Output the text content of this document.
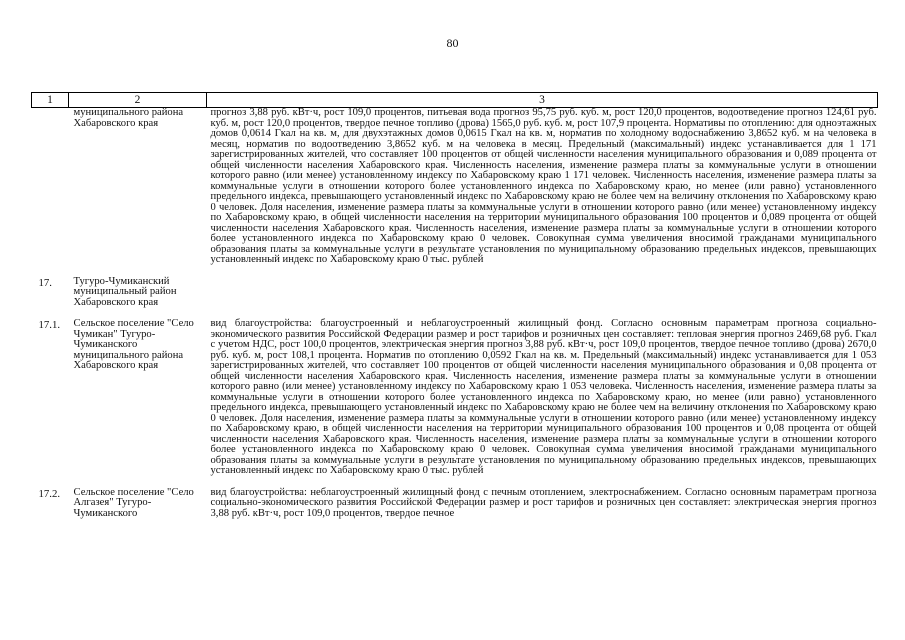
80
1	2	3
	муниципального района Хабаровского края	прогноз 3,88 руб. кВт·ч, рост 109,0 процентов, питьевая вода прогноз 95,75 руб. куб. м, рост 120,0 процентов, водоотведение прогноз 124,61 руб. куб. м, рост 120,0 процентов, твердое печное топливо (дрова) 1565,0 руб. куб. м, рост 107,9 процента. Нормативы по отоплению: для одноэтажных домов 0,0614 Гкал на кв. м, для двухэтажных домов 0,0615 Гкал на кв. м, норматив по холодному водоснабжению 3,8652 куб. м на человека в месяц, норматив по водоотведению 3,8652 куб. м на человека в месяц. Предельный (максимальный) индекс устанавливается для 1 171 зарегистрированных жителей, что составляет 100 процентов от общей численности населения муниципального образования и 0,089 процента от общей численности населения Хабаровского края. Численность населения, изменение размера платы за коммунальные услуги в отношении которого равно (или менее) установленному индексу по Хабаровскому краю 1 171 человек. Численность населения, изменение размера платы за коммунальные услуги в отношении которого более установленного индекса по Хабаровскому краю, но менее (или равно) установленного предельного индекса, превышающего установленный индекс по Хабаровскому краю не более чем на величину отклонения по Хабаровскому краю 0 человек. Доля населения, изменение размера платы за коммунальные услуги в отношении которого равно (или менее) установленному индексу по Хабаровскому краю, в общей численности населения на территории муниципального образования 100 процентов и 0,089 процента от общей численности населения Хабаровского края. Численность населения, изменение размера платы за коммунальные услуги в отношении которого более установленного индекса по Хабаровскому краю 0 человек. Совокупная сумма увеличения вносимой гражданами муниципального образования платы за коммунальные услуги в результате установления по муниципальному образованию предельных индексов, превышающих установленный индекс по Хабаровскому краю 0 тыс. рублей

17.	Тугуро-Чумиканский муниципальный район Хабаровского края	

17.1.	Сельское поселение "Село Чумикан" Тугуро-Чумиканского муниципального района Хабаровского края	вид благоустройства: благоустроенный и неблагоустроенный жилищный фонд. Согласно основным параметрам прогноза социально-экономического развития Российской Федерации размер и рост тарифов и розничных цен составляет: тепловая энергия прогноз 2469,68 руб. Гкал с учетом НДС, рост 100,0 процентов, электрическая энергия прогноз 3,88 руб. кВт·ч, рост 109,0 процентов, твердое печное топливо (дрова) 2670,0 руб. куб. м, рост 108,1 процента. Норматив по отоплению 0,0592 Гкал на кв. м. Предельный (максимальный) индекс устанавливается для 1 053 зарегистрированных жителей, что составляет 100 процентов от общей численности населения муниципального образования и 0,08 процента от общей численности населения Хабаровского края. Численность населения, изменение размера платы за коммунальные услуги в отношении которого равно (или менее) установленному индексу по Хабаровскому краю 1 053 человека. Численность населения, изменение размера платы за коммунальные услуги в отношении которого более установленного индекса по Хабаровскому краю, но менее (или равно) установленного предельного индекса, превышающего установленный индекс по Хабаровскому краю не более чем на величину отклонения по Хабаровскому краю 0 человек. Доля населения, изменение размера платы за коммунальные услуги в отношении которого равно (или менее) установленному индексу по Хабаровскому краю, в общей численности населения на территории муниципального образования 100 процентов и 0,08 процента от общей численности населения Хабаровского края. Численность населения, изменение размера платы за коммунальные услуги в отношении которого более установленного индекса по Хабаровскому краю 0 человек. Совокупная сумма увеличения вносимой гражданами муниципального образования платы за коммунальные услуги в результате установления по муниципальному образованию предельных индексов, превышающих установленный индекс по Хабаровскому краю 0 тыс. рублей

17.2.	Сельское поселение "Село Алгазея" Тугуро-Чумиканского	вид благоустройства: неблагоустроенный жилищный фонд с печным отоплением, электроснабжением. Согласно основным параметрам прогноза социально-экономического развития Российской Федерации размер и рост тарифов и розничных цен составляет: электрическая энергия прогноз 3,88 руб. кВт·ч, рост 109,0 процентов, твердое печное
